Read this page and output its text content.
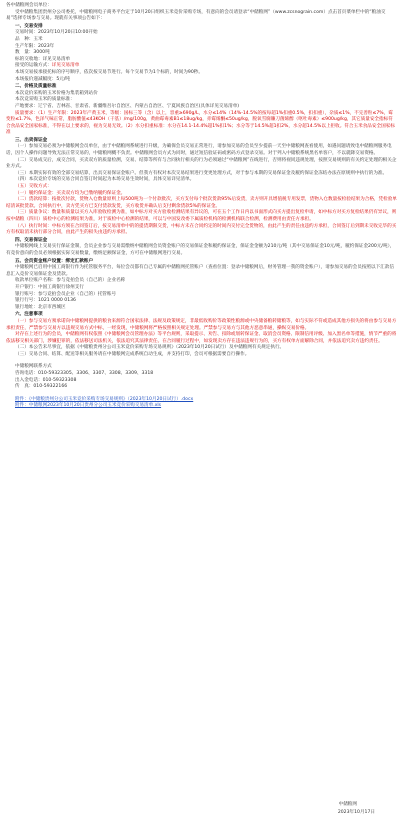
各中储粮网会员单位：

受中储粮集团贵州分公司委托，中储粮网电子商务平台定于10月20日组织玉米竞价采购专场，有意向的会员请登录“中储粮网”（www.zcsnograin.com）点击首页菜单栏中的“粮油交易”选择专场参与交易。现就有关事项公告如下：

一、交易安排

交易时间：2023年10月20日10:00开始

品　种：玉米

生产年限：2023年

数　量：3000吨

标的交收地：详见交易清单

接受的运输方式：详见交易清单

本场交易按承接托标的序号顺序，依次按交易节进行。每个交易节为1个标的，时间为90秒。

本场报价递减幅度：5元/吨

二、价格及质量标准

本次竞价采购的玉米价格为集装箱到站价

本次竞采购玉米的质量标准：

产地要求：辽宁省、吉林省、甘肃省、新疆维吾尔自治区、内蒙古自治区、宁夏回族自治区(具体详见交易清单)

质量要求：（1）生产年限：2023年产黄玉米，等级：国标三等（含）以上，容重≥690g/L，水分≤14%（14%-14.5%的按每超1%扣重0.5%，扣扣重），杂质≤1%，不完善粒≤7%，霉变粒≤1.7%，色泽气味正常，脂肪酸值≤43KOH（干基）/mg/100g，黄曲霉毒素B1≤18ug/kg，赤霉烯酮≤50ug/kg，脱氧雪腐镰刀菌烯醇（呕吐毒素）≤900ug/kg，其它质量安全指标符合食品安全国家标准，不得在以上要求的，视为交易无效。（2）水分扣重标准：水分在14.1-14.4%超1%扣1%；水分等于14.5%超1扣2%，水分超14.5%以上拒收。符合玉米食品安全国家标准

三、出卖保证金

（一）参加交易必须为中储粮网会员单位，由于中储粮网系统进行升级，为确保会员交易正常进行，请参加交易的会员至少提前一天至中储粮网查看使用，如遇问题请致电中储粮网服务电话，因个人操作问题导致无法正常交易的，中储粮网概不负责。中储粮网会员方式为同时，通过短信验证码或密码方式登录交易。对于列入中储粮系统黑名单客户，不以就降交易资格。

（二）交易成交后，成交合同，买卖双方的质量检测，交易、结算等所有与合同执行相关的行为必须通过“中储粮网”在线进行，否则将视同违规处理，按照交易规则的有关约定处理的相关企业方式。

（三）本期实际有效的全部交易结算，出具交易保证金账户。但我方有权对本次交易结果进行变更处理方式，对于参与本期的交易保证金及履约保证金冻结办法在原规则中执行的为准。

（四）本次竞价专场的交易合同自签订时间起为本场交易生效时间，具体交易详见清单。

（五）交收方式：

（一）履约保证金：买卖双方均为已缴纳履约保证金。

（二）货款结算：按批次付款，货物入仓数量原则上每500吨为一个付款批次，买方支付每个批次货款95%后发货，卖方则开具增值税专用发票，货物入仓数量按检验结果为合格，凭检验单结清该批货款。合同执行中，卖方凭买方已支付货款发货，买方收货并确认后支付剩余货款5%的保证金。

（三）质量争议：数量和质量以买方入库验收检测为准，如中标方对买方验收检测结果有异议的，可在五个工作日内以书面形式向买方提出复检申请，如中标方对买方复检结果仍有异议，则按中储粮（四川）质检中心的检测结果为准，对于质检中心检测的结果，可以与中国发改委下属质检机构的检测机构联合检测，检测费用由责任方承担。

（八）执行时间：中标方须在合同签订后，按交易清单中的的提货期限交货，中标方未在合同约定的时间内交付完全货物的，由此产生的责任由违约方承担，合同签订后到期未交收完毕的买方有权取消未执行部分合同，由此产生的损失由违约方承担。

四、交易保证金

中储粮网线上交易实行保证金制，会员企业参与交易需缴纳中储粮网会员资金账户的交易保证金和履约保证金，保证金金额为210元/吨（其中交易保证金10元/吨，履约保证金200元/吨），有竞价意向的会员必须根据实际交易数量，缴纳足额保证金，方可在中储粮网进行交易。

五、会员资金账户设置：绑定汇款账户

中储粮网已启用中国工商银行作为托管服务平台，每位会员都有自己专属的中储粮网托管账户（查看位置：登录中储粮网后，财务管理一我的资金账户），请参加交易的会员按照以下汇款信息汇入竞价交易保证金及货款。

收款单位账户名称：参与竞拍会员（自己的）企业名称

开户银行：中国工商银行徐州支行

银行账号：参与竞拍会员企业（自己的）托管账号

银行行号：1021 0000 0136

银行地址：北京市西城区

六、注意事项

（一）参与交易方须承诺向中储粮网提供的粮食来源符合国家法律、法规及政策规定，非最低收购价等政策性粮源或中央储备粮转储粮等，如与实际不符或造成其他方损失的将由参与交易方承担责任，严禁参与交易方以违规交易方式中标，一经发现，中储粮网将严格按照相关规定处理。严禁参与交易方与其他方恶意串通，操纵交易价格。

对存在上述行为的会员，中储粮网有权依照《中储粮网会员管理办法》等平台规则，采取提示、劝告、扣除或划转保证金、取消会员资格、限制信用评级、加入黑名单等措施，情节严重的将依法移交相关部门，涉嫌犯罪的，依法移送司法机关，依法追究其法律责任。在合同履行过程中，如发现卖方存在违法违规行为的，买方有权单方面解除合同，并依法追究卖方违约责任。

（二）本公告未尽事宜，依据《中储粮贵州分公司玉米竞价采购专场交易规则》（2023年10月20日试行）及中储粮网有关规定执行。

（三）交易合同、结算、配送等相关服务请在中储粮网完成系统自动生成，并支持打印，会员可根据需要自行操作。

中储粮网联系方式

咨询电话：010-59323305、3306、3307、3308、3309、3318

出入金电话：010-59323308

传　真：010-59322166

附件：《中储粮贵州分公司玉米竞价采购专场交易规则》（2023年10月20日试行）.docx

附件：中储粮网2023年10月20日贵州分公司玉米竞价采购交易清单.xls

中储粮网
2023年10月17日
